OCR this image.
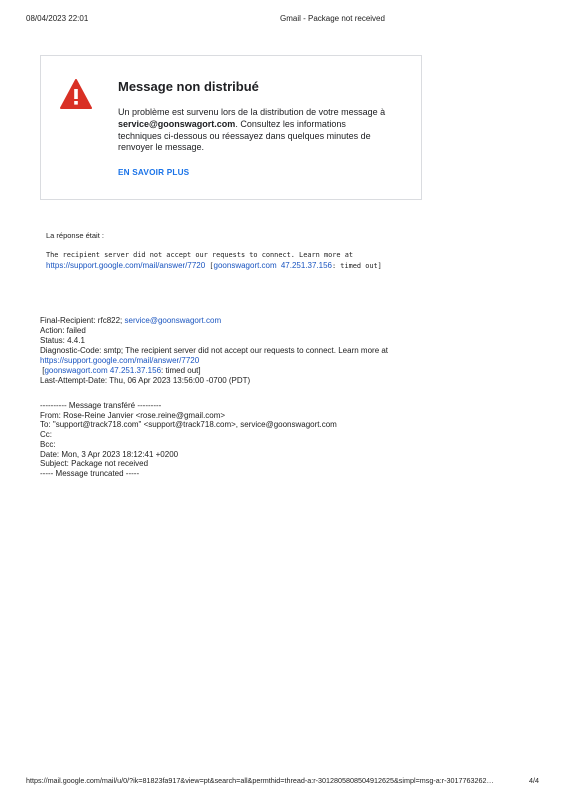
08/04/2023 22:01	Gmail - Package not received
Message non distribué
Un problème est survenu lors de la distribution de votre message à service@goonswagort.com. Consultez les informations techniques ci-dessous ou réessayez dans quelques minutes de renvoyer le message.
EN SAVOIR PLUS
La réponse était :
The recipient server did not accept our requests to connect. Learn more at https://support.google.com/mail/answer/7720 [goonswagort.com 47.251.37.156: timed out]
Final-Recipient: rfc822; service@goonswagort.com
Action: failed
Status: 4.4.1
Diagnostic-Code: smtp; The recipient server did not accept our requests to connect. Learn more at https://support.google.com/mail/answer/7720
[goonswagort.com 47.251.37.156: timed out]
Last-Attempt-Date: Thu, 06 Apr 2023 13:56:00 -0700 (PDT)
---------- Message transféré ---------
From: Rose-Reine Janvier <rose.reine@gmail.com>
To: "support@track718.com" <support@track718.com>, service@goonswagort.com
Cc:
Bcc:
Date: Mon, 3 Apr 2023 18:12:41 +0200
Subject: Package not received
----- Message truncated -----
https://mail.google.com/mail/u/0/?ik=81823fa917&view=pt&search=all&permthid=thread-a:r-3012805808504912625&simpl=msg-a:r-3017763262…	4/4
